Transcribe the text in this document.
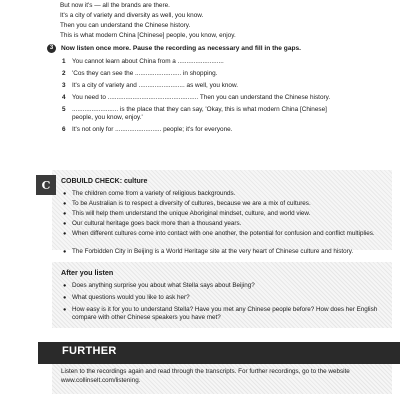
But now it's — all the brands are there.
It's a city of variety and diversity as well, you know.
Then you can understand the Chinese history.
This is what modern China [Chinese] people, you know, enjoy.
3	Now listen once more. Pause the recording as necessary and fill in the gaps.
1 You cannot learn about China from a ..........................
2 'Cos they can see the .......................... in shopping.
3 It's a city of variety and .......................... as well, you know.
4 You need to ................................................... Then you can understand the Chinese history.
5 .......................... is the place that they can say, 'Okay, this is what modern China [Chinese]
people, you know, enjoy.'
6 It's not only for .......................... people; it's for everyone.
C COBUILD CHECK: culture
● The children come from a variety of religious backgrounds.
● To be Australian is to respect a diversity of cultures, because we are a mix of cultures.
● This will help them understand the unique Aboriginal mindset, culture, and world view.
● Our cultural heritage goes back more than a thousand years.
● When different cultures come into contact with one another, the potential for confusion and conflict multiplies.
● The Forbidden City in Beijing is a World Heritage site at the very heart of Chinese culture and history.
After you listen
● Does anything surprise you about what Stella says about Beijing?
● What questions would you like to ask her?
● How easy is it for you to understand Stella? Have you met any Chinese people before? How does her English compare with other Chinese speakers you have met?
FURTHER
Listen to the recordings again and read through the transcripts. For further recordings, go to the website www.collinselt.com/listening.
